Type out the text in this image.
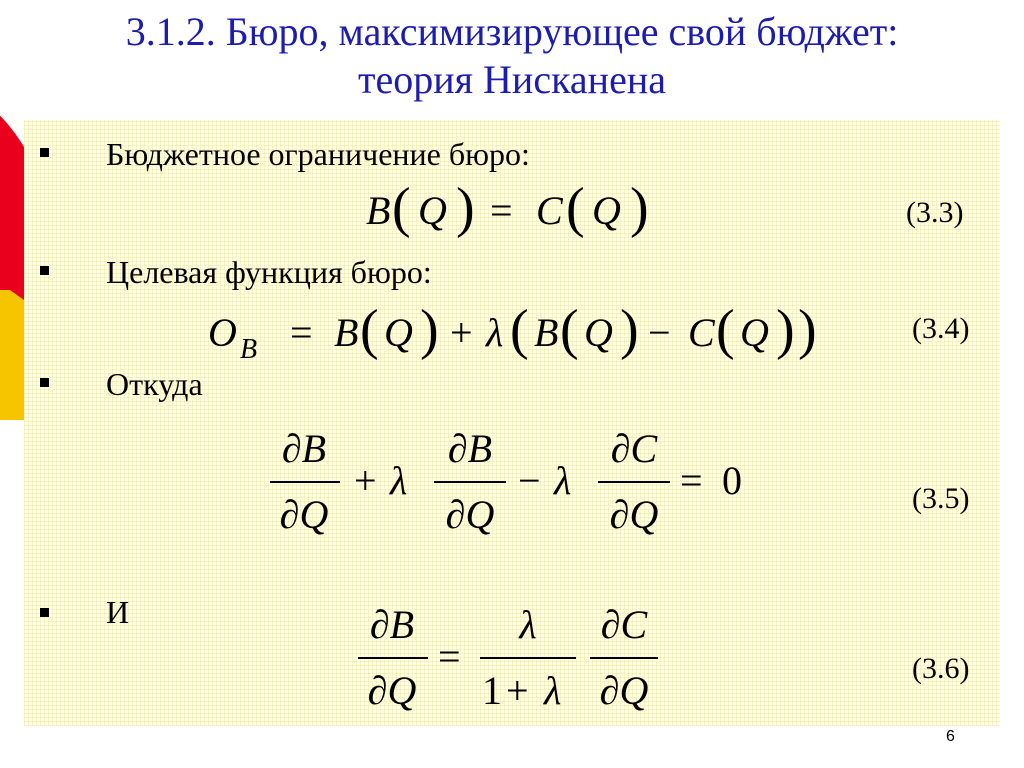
3.1.2. Бюро, максимизирующее свой бюджет:
теория Нисканена
Бюджетное ограничение бюро:
(3.3)
B ( Q ) = C ( Q )
Целевая функция бюро:
(3.4)
O B = B ( Q ) + λ ( B ( Q ) − C ( Q ) )
Откуда
(3.5)
∂B
∂Q
+ λ
∂B
∂Q
− λ
∂C
∂Q
= 0
И
(3.6)
∂B
∂Q
=
λ
1 + λ
∂C
∂Q
6
